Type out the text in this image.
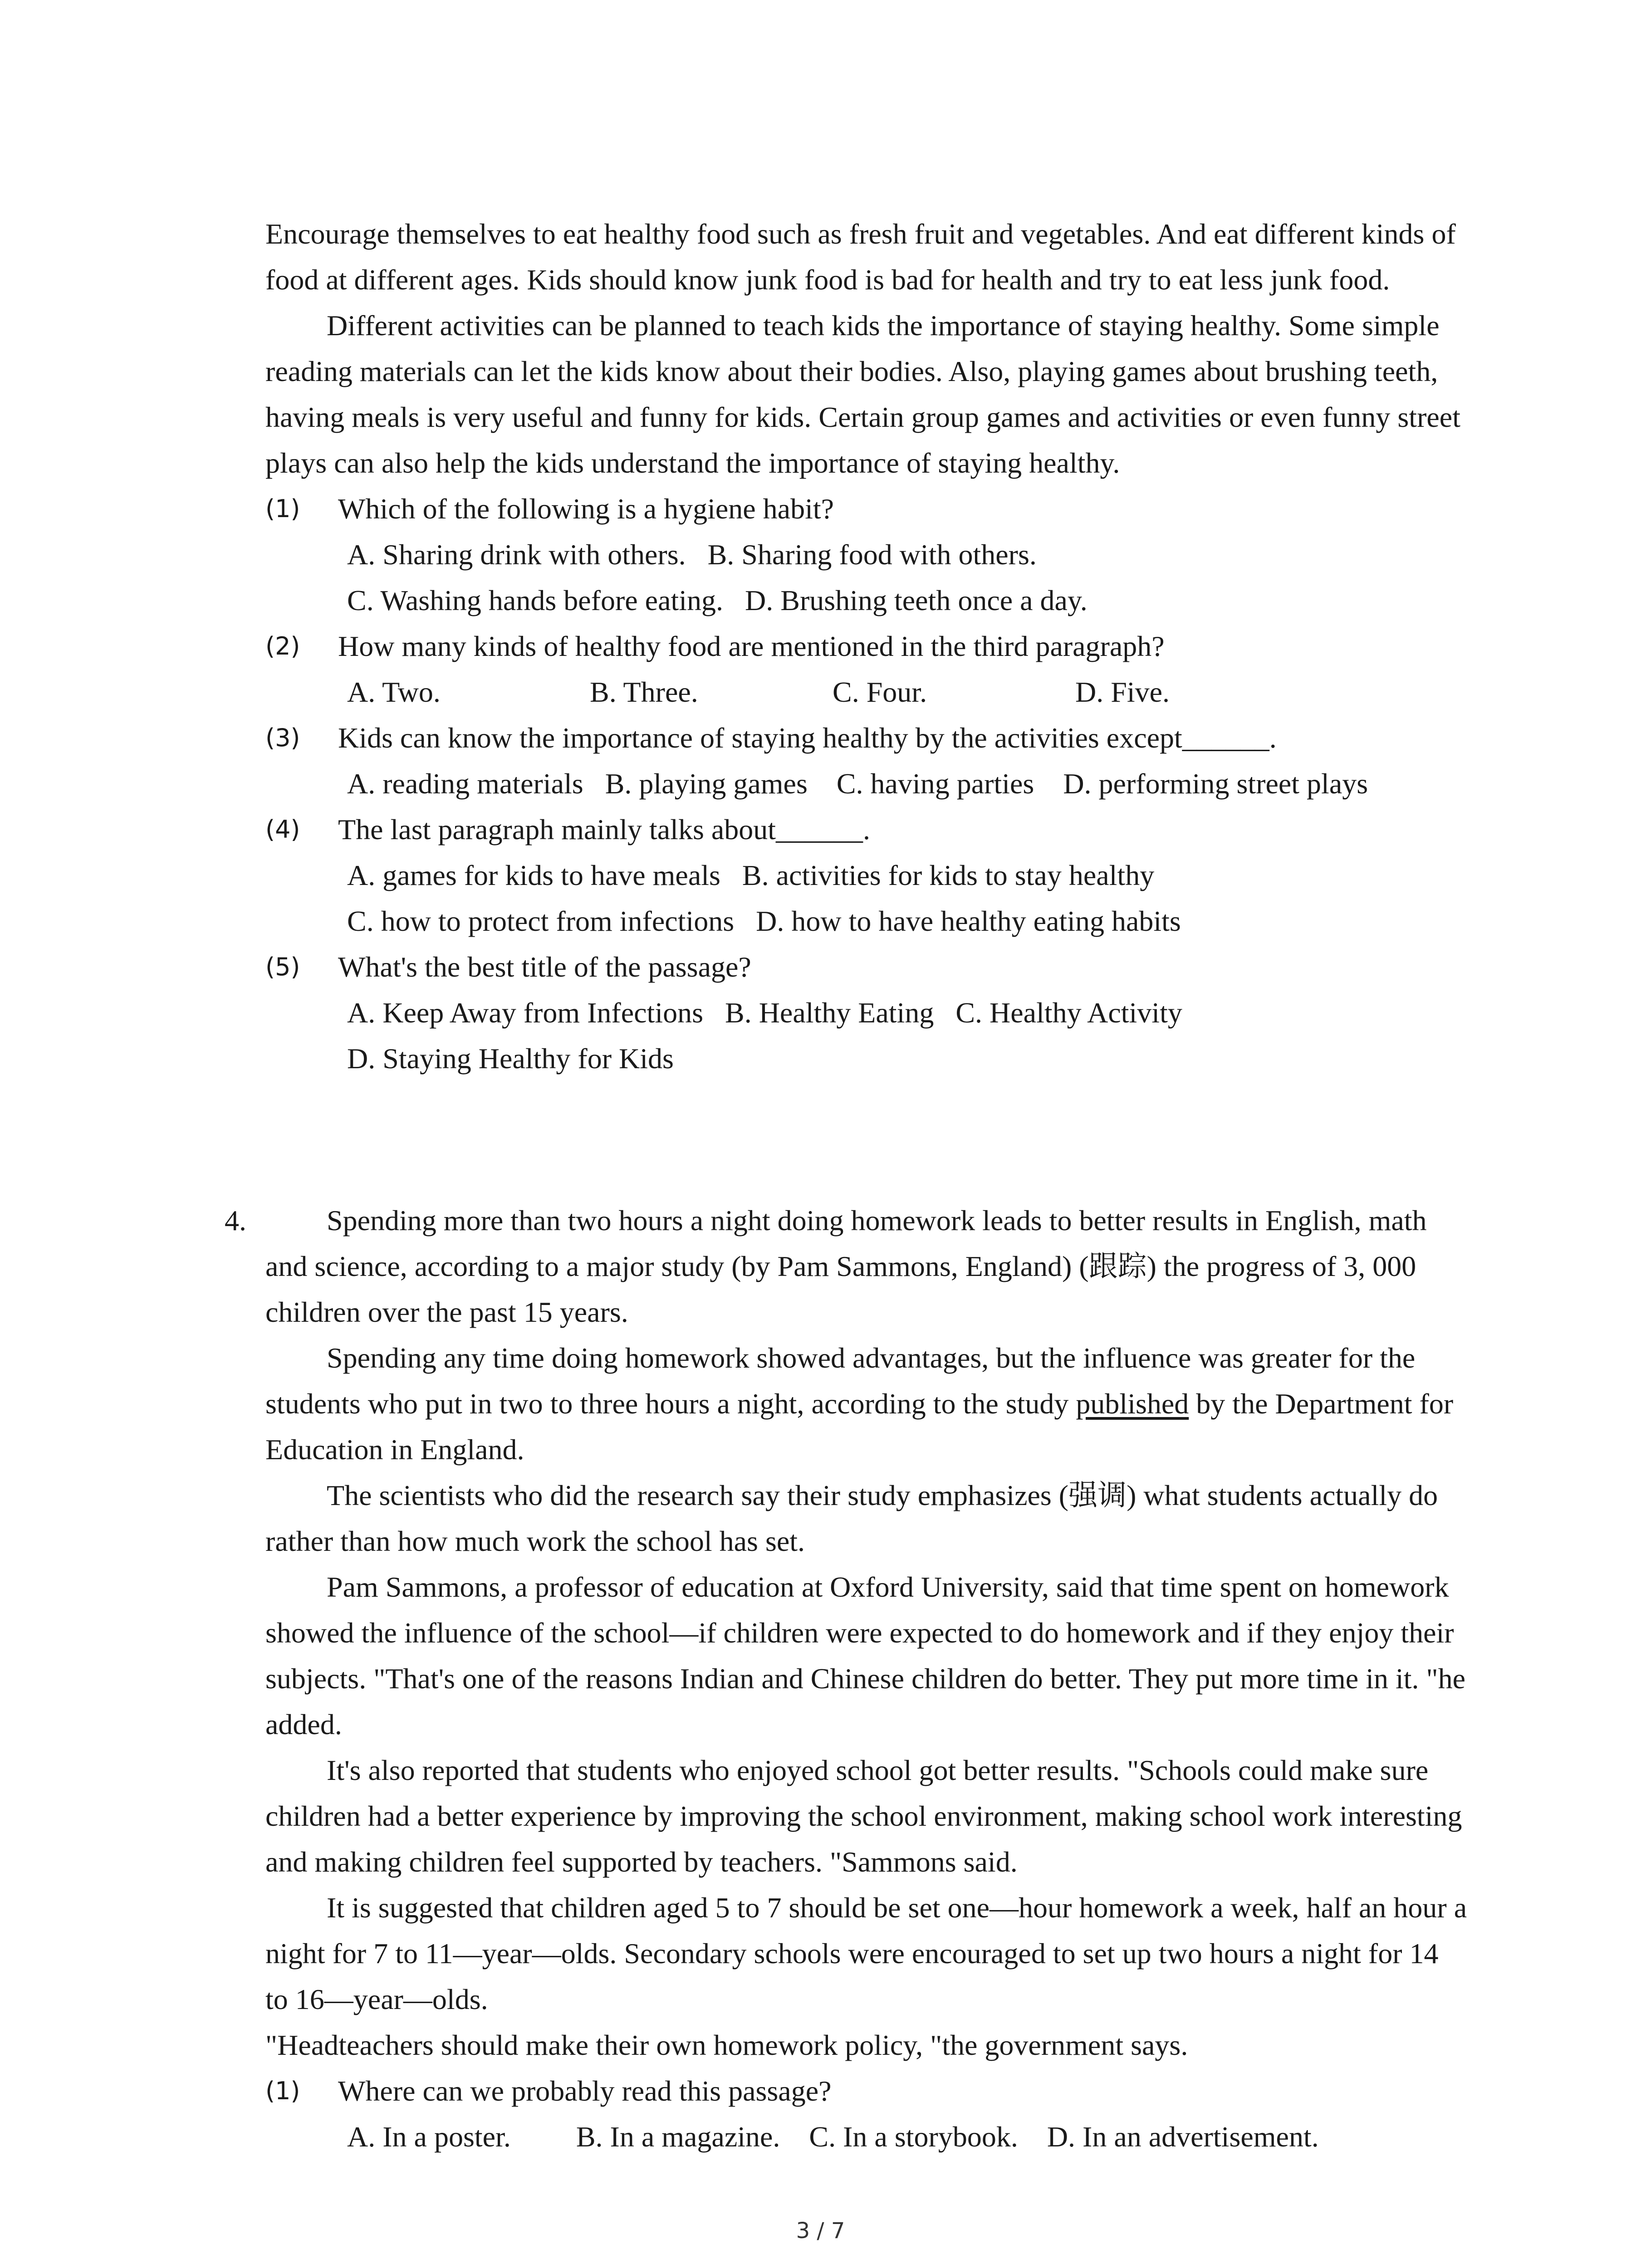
Encourage themselves to eat healthy food such as fresh fruit and vegetables. And eat different kinds of food at different ages. Kids should know junk food is bad for health and try to eat less junk food.

Different activities can be planned to teach kids the importance of staying healthy. Some simple reading materials can let the kids know about their bodies. Also, playing games about brushing teeth, having meals is very useful and funny for kids. Certain group games and activities or even funny street plays can also help the kids understand the importance of staying healthy.

(1) Which of the following is a hygiene habit?

A. Sharing drink with others.   B. Sharing food with others.

C. Washing hands before eating.   D. Brushing teeth once a day.

(2) How many kinds of healthy food are mentioned in the third paragraph?
A. Two.	B. Three.	C. Four.	D. Five.
(3) Kids can know the importance of staying healthy by the activities except______.

A. reading materials   B. playing games    C. having parties    D. performing street plays

(4) The last paragraph mainly talks about______.

A. games for kids to have meals   B. activities for kids to stay healthy

C. how to protect from infections   D. how to have healthy eating habits

(5) What's the best title of the passage?

A. Keep Away from Infections   B. Healthy Eating   C. Healthy Activity

D. Staying Healthy for Kids

4.	Spending more than two hours a night doing homework leads to better results in English, math and science, according to a major study (by Pam Sammons, England) (跟踪) the progress of 3, 000 children over the past 15 years.

Spending any time doing homework showed advantages, but the influence was greater for the students who put in two to three hours a night, according to the study published by the Department for Education in England.

The scientists who did the research say their study emphasizes (强调) what students actually do rather than how much work the school has set.

Pam Sammons, a professor of education at Oxford University, said that time spent on homework showed the influence of the school—if children were expected to do homework and if they enjoy their subjects. "That's one of the reasons Indian and Chinese children do better. They put more time in it. "he added.

It's also reported that students who enjoyed school got better results. "Schools could make sure children had a better experience by improving the school environment, making school work interesting and making children feel supported by teachers. "Sammons said.

It is suggested that children aged 5 to 7 should be set one—hour homework a week, half an hour a night for 7 to 11—year—olds. Secondary schools were encouraged to set up two hours a night for 14 to 16—year—olds.

"Headteachers should make their own homework policy, "the government says.

(1) Where can we probably read this passage?

A. In a poster.         B. In a magazine.    C. In a storybook.    D. In an advertisement.

3 / 7
